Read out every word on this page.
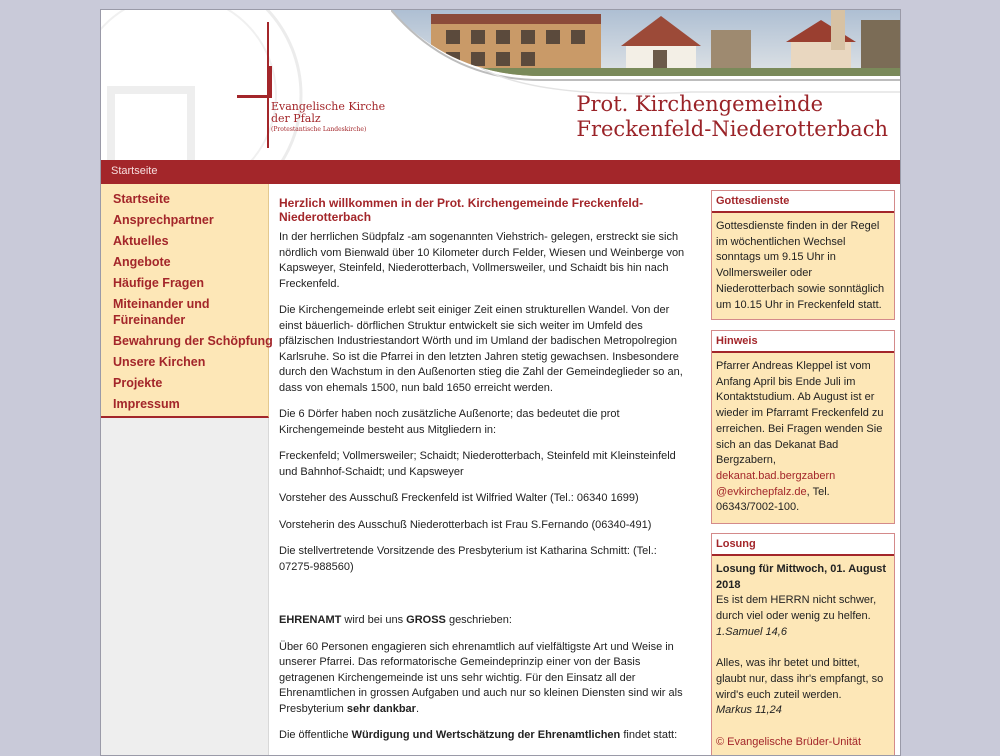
Evangelische Kirche
der Pfalz
(Protestantische Landeskirche)
Prot. Kirchengemeinde
Freckenfeld-Niederotterbach
Startseite
Startseite
Ansprechpartner
Aktuelles
Angebote
Häufige Fragen
Miteinander und Füreinander
Bewahrung der Schöpfung
Unsere Kirchen
Projekte
Impressum
Herzlich willkommen in der Prot. Kirchengemeinde Freckenfeld-Niederotterbach

In der herrlichen Südpfalz -am sogenannten Viehstrich- gelegen, erstreckt sie sich nördlich vom Bienwald über 10 Kilometer durch Felder, Wiesen und Weinberge von Kapsweyer, Steinfeld, Niederotterbach, Vollmersweiler, und Schaidt bis hin nach Freckenfeld.

Die Kirchengemeinde erlebt seit einiger Zeit einen strukturellen Wandel. Von der einst bäuerlich- dörflichen Struktur entwickelt sie sich weiter im Umfeld des pfälzischen Industriestandort Wörth und im Umland der badischen Metropolregion Karlsruhe. So ist die Pfarrei in den letzten Jahren stetig gewachsen. Insbesondere durch den Wachstum in den Außenorten stieg die Zahl der Gemeindeglieder so an, dass von ehemals 1500, nun bald 1650 erreicht werden.

Die 6 Dörfer haben noch zusätzliche Außenorte; das bedeutet die prot Kirchengemeinde besteht aus Mitgliedern in:

Freckenfeld; Vollmersweiler; Schaidt; Niederotterbach, Steinfeld mit Kleinsteinfeld und Bahnhof-Schaidt; und Kapsweyer

Vorsteher des Ausschuß Freckenfeld ist Wilfried Walter (Tel.: 06340 1699)

Vorsteherin des Ausschuß Niederotterbach ist Frau S.Fernando (06340-491)

Die stellvertretende Vorsitzende des Presbyterium ist Katharina Schmitt: (Tel.: 07275-988560)

EHRENAMT wird bei uns GROSS geschrieben:

Über 60 Personen engagieren sich ehrenamtlich auf vielfältigste Art und Weise in unserer Pfarrei. Das reformatorische Gemeindeprinzip einer von der Basis getragenen Kirchengemeinde ist uns sehr wichtig. Für den Einsatz all der Ehrenamtlichen in grossen Aufgaben und auch nur so kleinen Diensten sind wir als Presbyterium sehr dankbar.

Die öffentliche Würdigung und Wertschätzung der Ehrenamtlichen findet statt:

Gottesdienste
Gottesdienste finden in der Regel im wöchentlichen Wechsel sonntags um 9.15 Uhr in Vollmersweiler oder Niederotterbach sowie sonntäglich um 10.15 Uhr in Freckenfeld statt.
Hinweis
Pfarrer Andreas Kleppel ist vom Anfang April bis Ende Juli im Kontaktstudium. Ab August ist er wieder im Pfarramt Freckenfeld zu erreichen. Bei Fragen wenden Sie sich an das Dekanat Bad Bergzabern, dekanat.bad.bergzabern @evkirchepfalz.de, Tel. 06343/7002-100.
Losung
Losung für Mittwoch, 01. August 2018
Es ist dem HERRN nicht schwer, durch viel oder wenig zu helfen.
1.Samuel 14,6

Alles, was ihr betet und bittet, glaubt nur, dass ihr's empfangt, so wird's euch zuteil werden.
Markus 11,24

© Evangelische Brüder-Unität
